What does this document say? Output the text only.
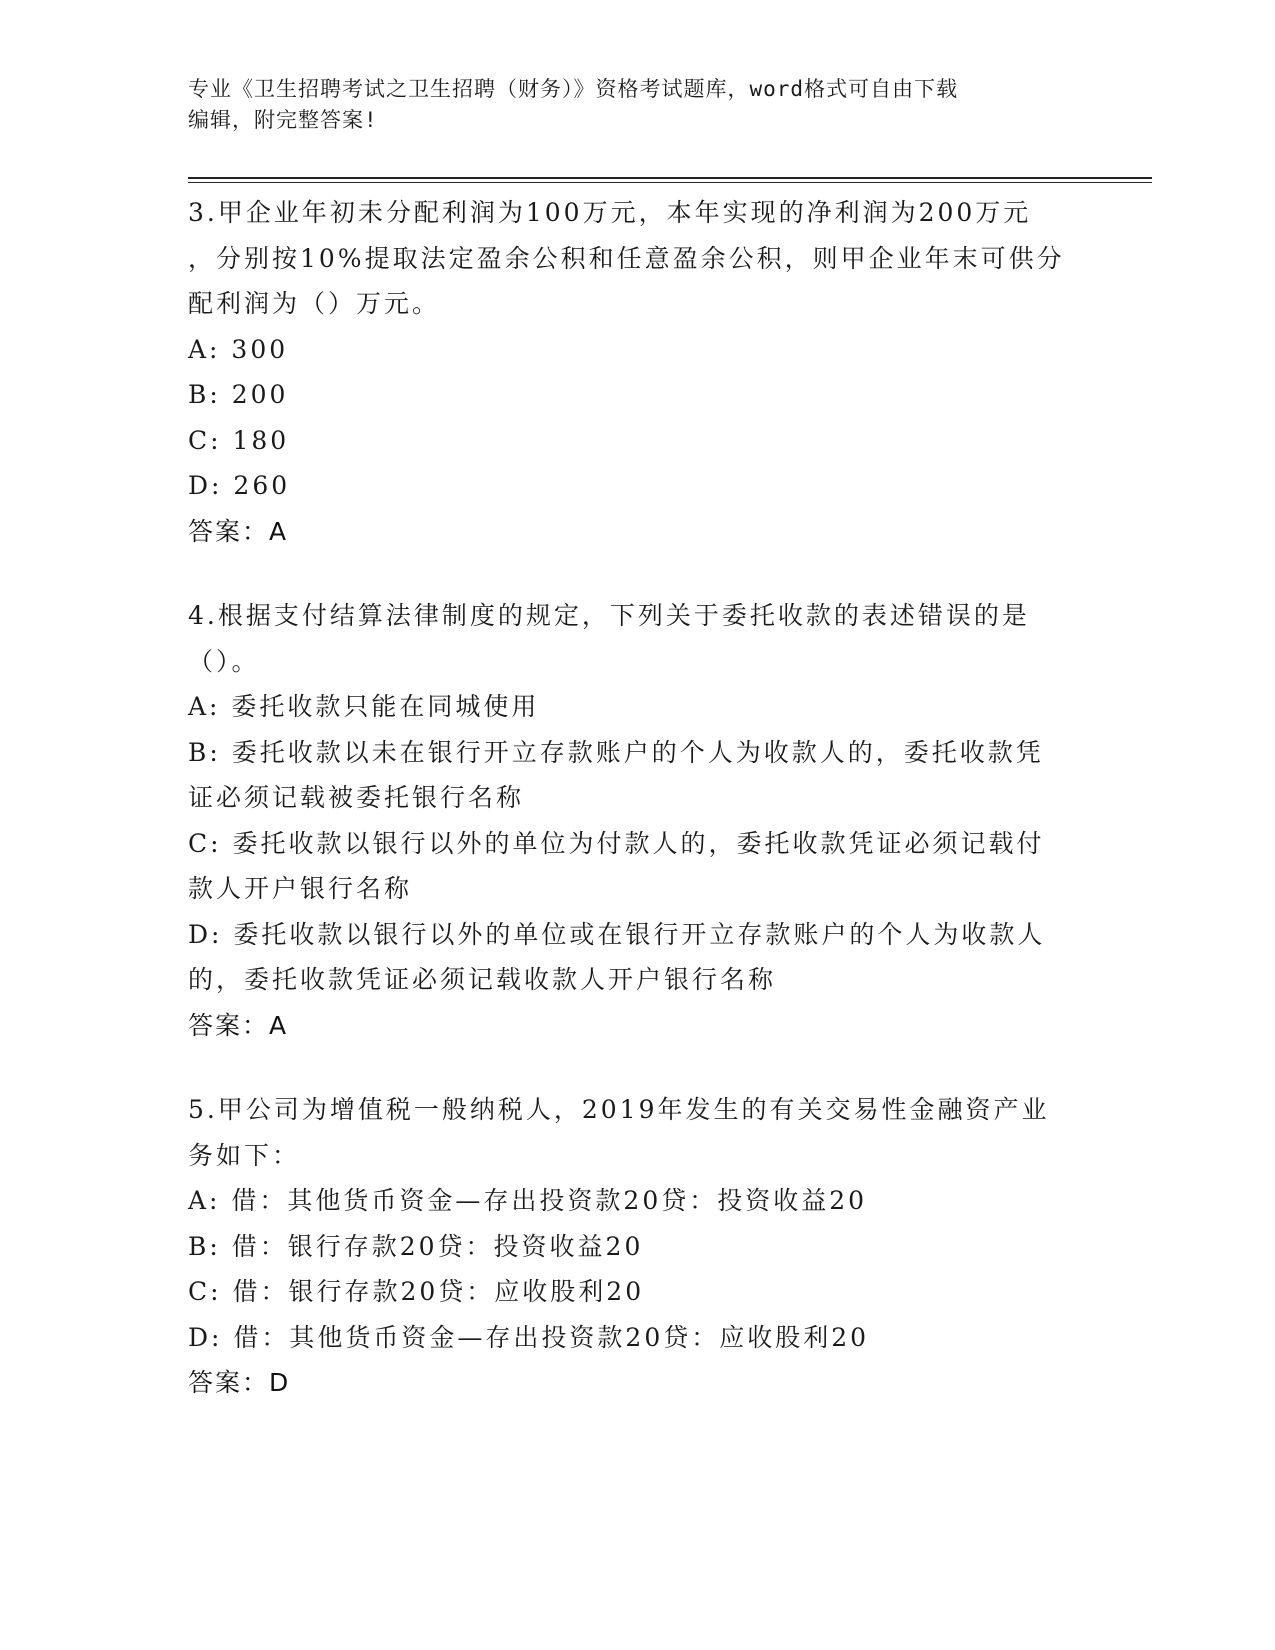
专业《卫生招聘考试之卫生招聘（财务）》资格考试题库，word格式可自由下载
编辑，附完整答案!
3.甲企业年初未分配利润为100万元，本年实现的净利润为200万元
，分别按10%提取法定盈余公积和任意盈余公积，则甲企业年末可供分
配利润为（）万元。
A: 300
B: 200
C: 180
D: 260
答案：A
4.根据支付结算法律制度的规定，下列关于委托收款的表述错误的是
（）。
A: 委托收款只能在同城使用
B: 委托收款以未在银行开立存款账户的个人为收款人的，委托收款凭
证必须记载被委托银行名称
C: 委托收款以银行以外的单位为付款人的，委托收款凭证必须记载付
款人开户银行名称
D: 委托收款以银行以外的单位或在银行开立存款账户的个人为收款人
的，委托收款凭证必须记载收款人开户银行名称
答案：A
5.甲公司为增值税一般纳税人，2019年发生的有关交易性金融资产业
务如下：
A: 借：其他货币资金—存出投资款20贷：投资收益20
B: 借：银行存款20贷：投资收益20
C: 借：银行存款20贷：应收股利20
D: 借：其他货币资金—存出投资款20贷：应收股利20
答案：D
